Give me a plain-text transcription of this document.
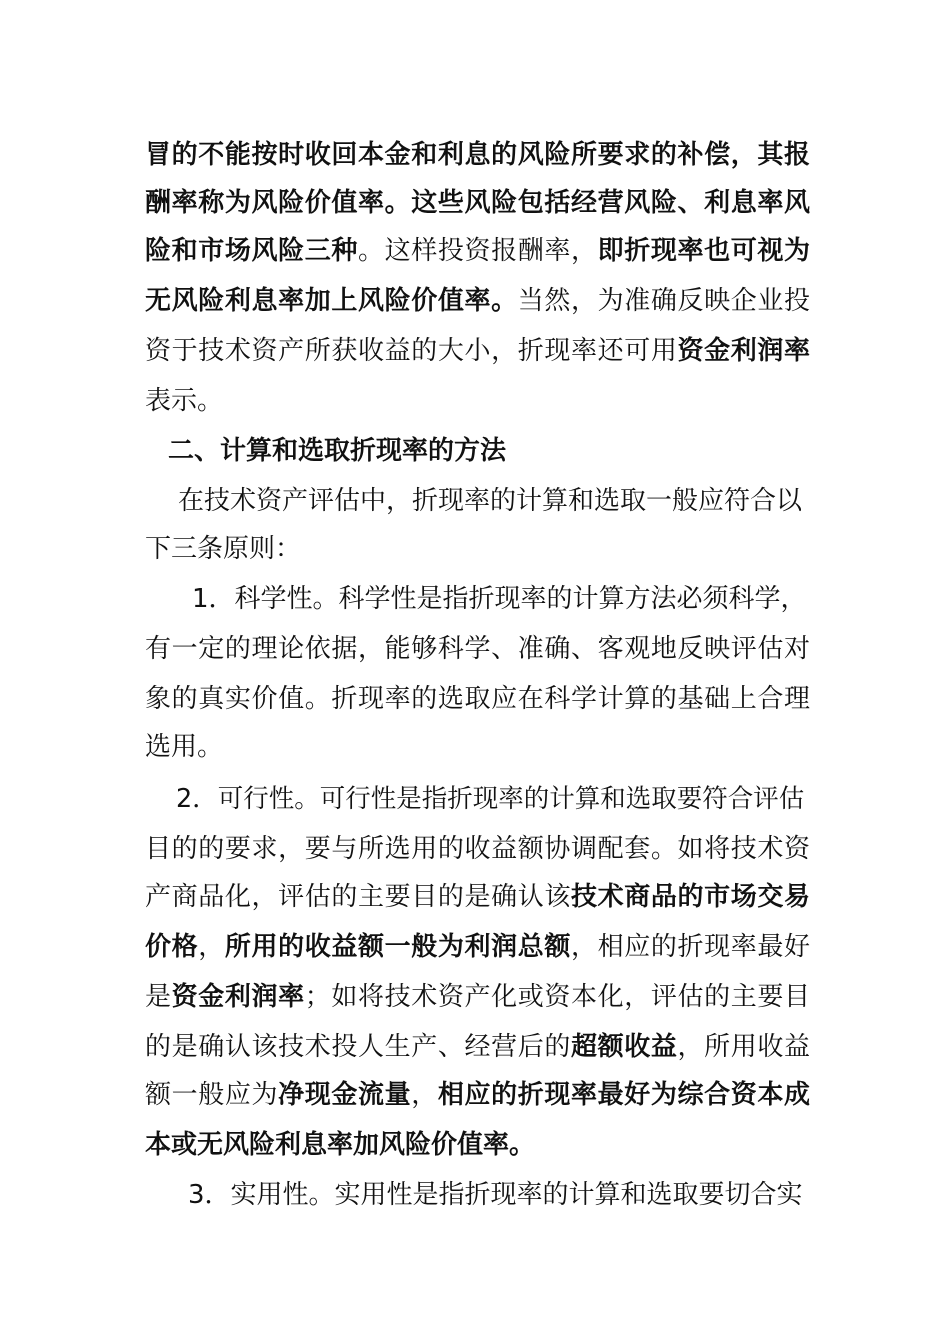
冒的不能按时收回本金和利息的风险所要求的补偿，其报
酬率称为风险价值率。这些风险包括经营风险、利息率风
险和市场风险三种。这样投资报酬率，即折现率也可视为
无风险利息率加上风险价值率。当然，为准确反映企业投
资于技术资产所获收益的大小，折现率还可用资金利润率
表示。
二、计算和选取折现率的方法
在技术资产评估中，折现率的计算和选取一般应符合以
下三条原则：
1．科学性。科学性是指折现率的计算方法必须科学，
有一定的理论依据，能够科学、准确、客观地反映评估对
象的真实价值。折现率的选取应在科学计算的基础上合理
选用。
2．可行性。可行性是指折现率的计算和选取要符合评估
目的的要求，要与所选用的收益额协调配套。如将技术资
产商品化，评估的主要目的是确认该技术商品的市场交易
价格，所用的收益额一般为利润总额，相应的折现率最好
是资金利润率；如将技术资产化或资本化，评估的主要目
的是确认该技术投人生产、经营后的超额收益，所用收益
额一般应为净现金流量，相应的折现率最好为综合资本成
本或无风险利息率加风险价值率。
3．实用性。实用性是指折现率的计算和选取要切合实
